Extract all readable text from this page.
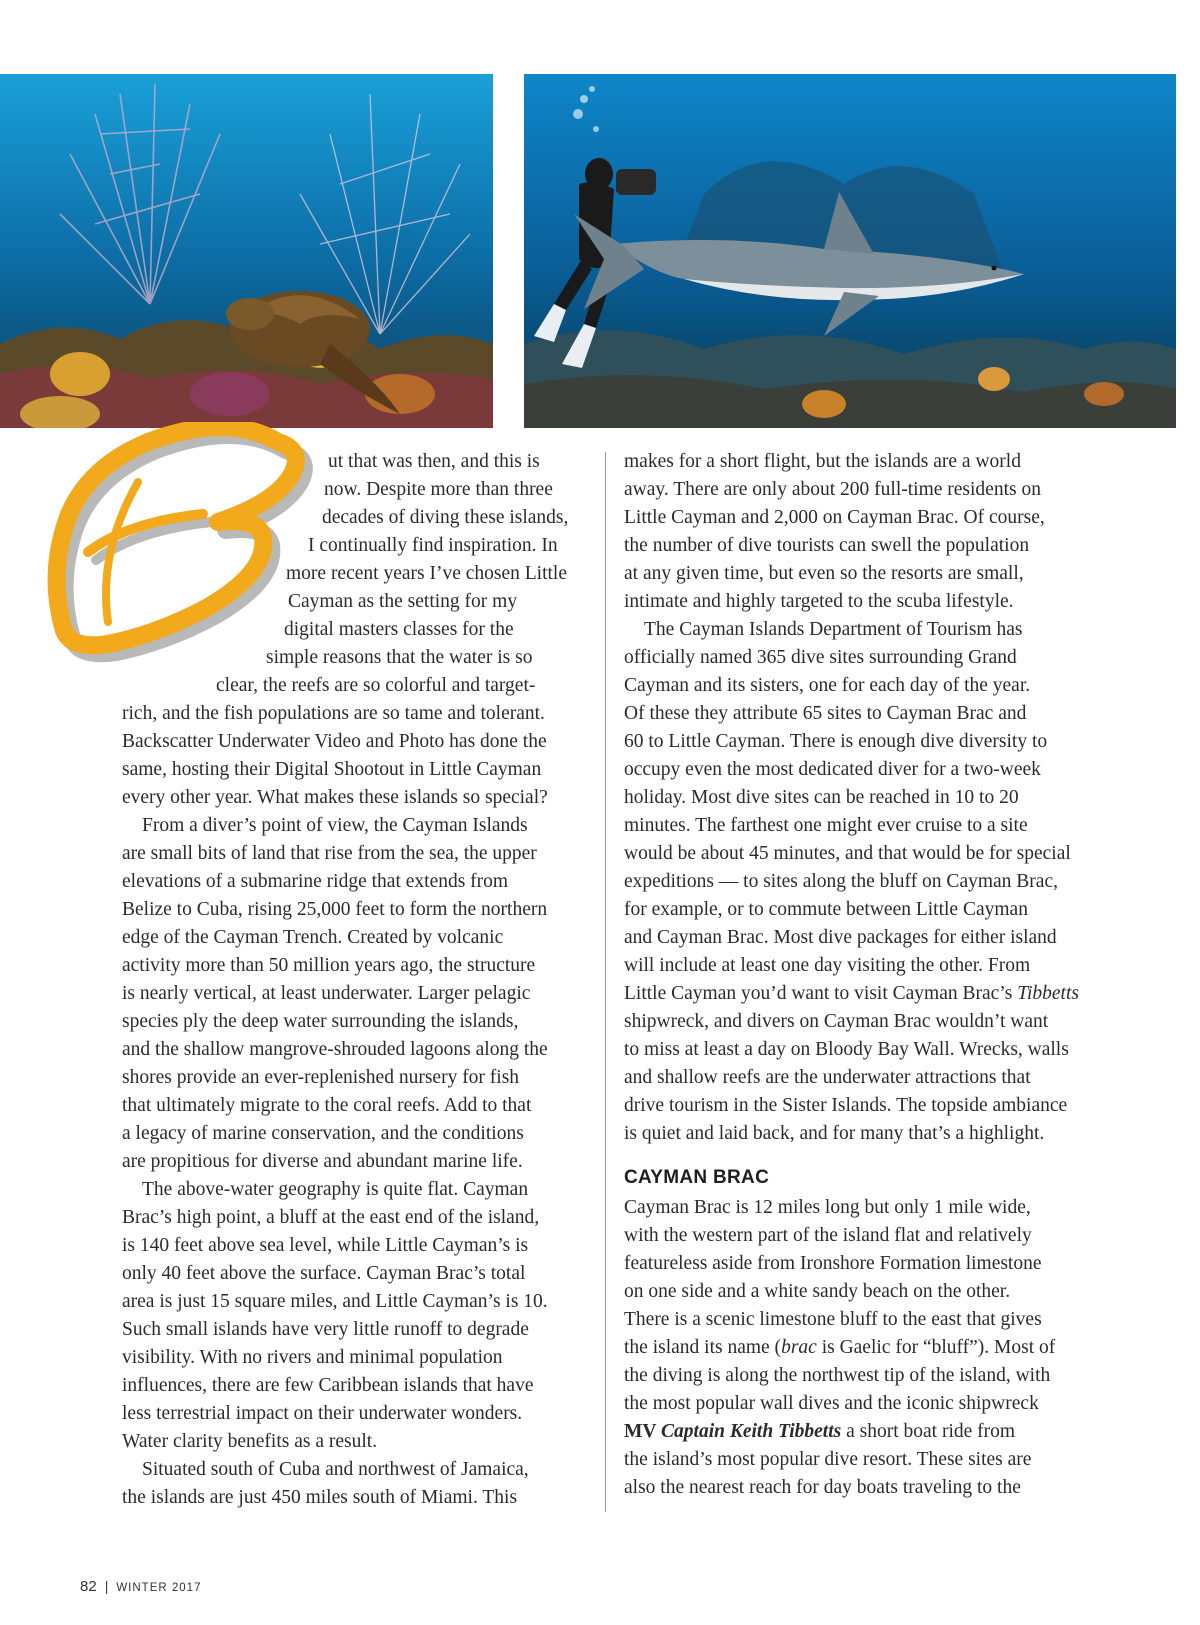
B
ut that was then, and this is
now. Despite more than three
decades of diving these islands,
I continually find inspiration. In
more recent years I’ve chosen Little
Cayman as the setting for my
digital masters classes for the
simple reasons that the water is so
clear, the reefs are so colorful and target-
rich, and the fish populations are so tame and tolerant.
Backscatter Underwater Video and Photo has done the
same, hosting their Digital Shootout in Little Cayman
every other year. What makes these islands so special?
From a diver’s point of view, the Cayman Islands
are small bits of land that rise from the sea, the upper
elevations of a submarine ridge that extends from
Belize to Cuba, rising 25,000 feet to form the northern
edge of the Cayman Trench. Created by volcanic
activity more than 50 million years ago, the structure
is nearly vertical, at least underwater. Larger pelagic
species ply the deep water surrounding the islands,
and the shallow mangrove-shrouded lagoons along the
shores provide an ever-replenished nursery for fish
that ultimately migrate to the coral reefs. Add to that
a legacy of marine conservation, and the conditions
are propitious for diverse and abundant marine life.
The above-water geography is quite flat. Cayman
Brac’s high point, a bluff at the east end of the island,
is 140 feet above sea level, while Little Cayman’s is
only 40 feet above the surface. Cayman Brac’s total
area is just 15 square miles, and Little Cayman’s is 10.
Such small islands have very little runoff to degrade
visibility. With no rivers and minimal population
influences, there are few Caribbean islands that have
less terrestrial impact on their underwater wonders.
Water clarity benefits as a result.
Situated south of Cuba and northwest of Jamaica,
the islands are just 450 miles south of Miami. This
makes for a short flight, but the islands are a world
away. There are only about 200 full-time residents on
Little Cayman and 2,000 on Cayman Brac. Of course,
the number of dive tourists can swell the population
at any given time, but even so the resorts are small,
intimate and highly targeted to the scuba lifestyle.
The Cayman Islands Department of Tourism has
officially named 365 dive sites surrounding Grand
Cayman and its sisters, one for each day of the year.
Of these they attribute 65 sites to Cayman Brac and
60 to Little Cayman. There is enough dive diversity to
occupy even the most dedicated diver for a two-week
holiday. Most dive sites can be reached in 10 to 20
minutes. The farthest one might ever cruise to a site
would be about 45 minutes, and that would be for special
expeditions — to sites along the bluff on Cayman Brac,
for example, or to commute between Little Cayman
and Cayman Brac. Most dive packages for either island
will include at least one day visiting the other. From
Little Cayman you’d want to visit Cayman Brac’s Tibbetts
shipwreck, and divers on Cayman Brac wouldn’t want
to miss at least a day on Bloody Bay Wall. Wrecks, walls
and shallow reefs are the underwater attractions that
drive tourism in the Sister Islands. The topside ambiance
is quiet and laid back, and for many that’s a highlight.
CAYMAN BRAC
Cayman Brac is 12 miles long but only 1 mile wide,
with the western part of the island flat and relatively
featureless aside from Ironshore Formation limestone
on one side and a white sandy beach on the other.
There is a scenic limestone bluff to the east that gives
the island its name (brac is Gaelic for “bluff”). Most of
the diving is along the northwest tip of the island, with
the most popular wall dives and the iconic shipwreck
MV Captain Keith Tibbetts a short boat ride from
the island’s most popular dive resort. These sites are
also the nearest reach for day boats traveling to the
82 | WINTER 2017
